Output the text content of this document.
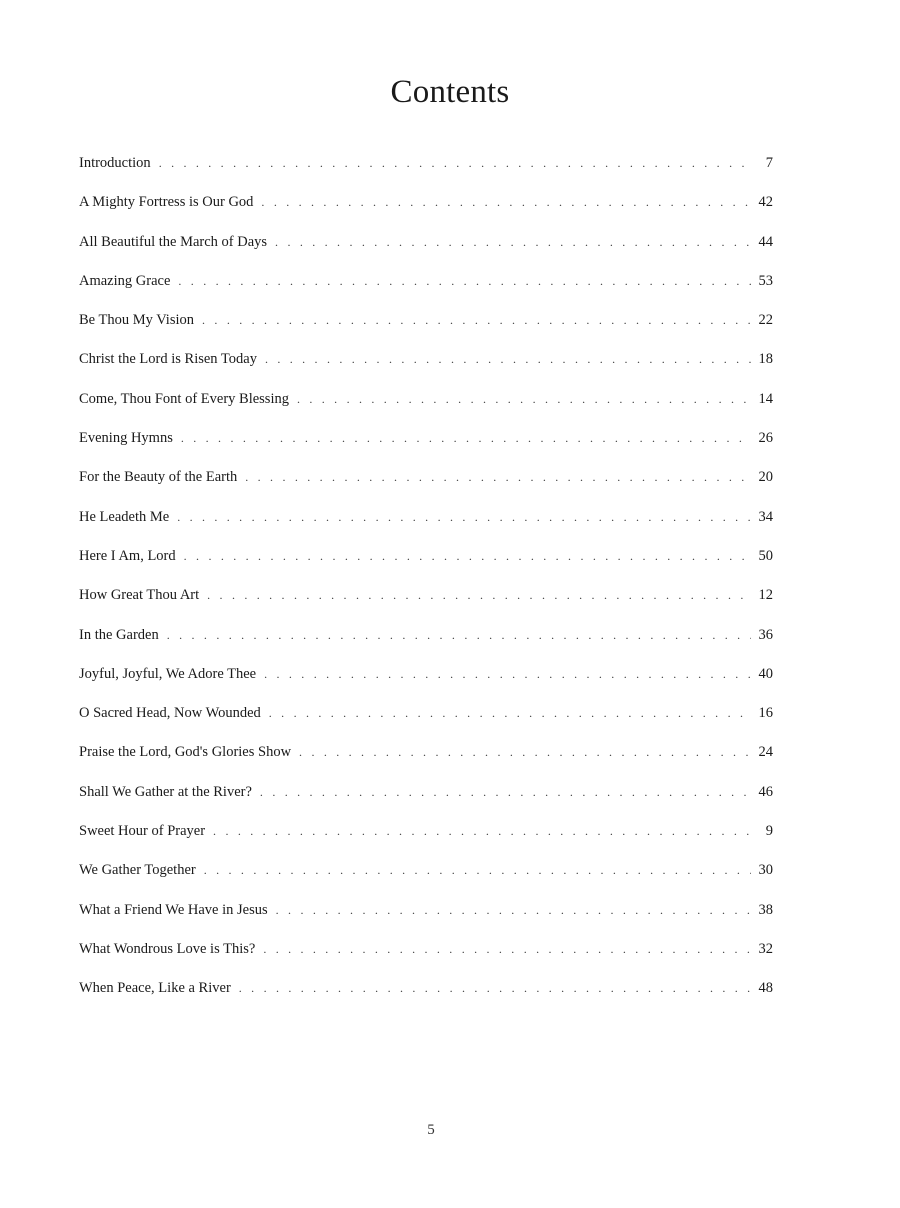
Contents
Introduction . . .	7
A Mighty Fortress is Our God . . .	42
All Beautiful the March of Days . . .	44
Amazing Grace . . .	53
Be Thou My Vision . . .	22
Christ the Lord is Risen Today . . .	18
Come, Thou Font of Every Blessing . . .	14
Evening Hymns . . .	26
For the Beauty of the Earth . . .	20
He Leadeth Me . . .	34
Here I Am, Lord . . .	50
How Great Thou Art . . .	12
In the Garden . . .	36
Joyful, Joyful, We Adore Thee . . .	40
O Sacred Head, Now Wounded . . .	16
Praise the Lord, God's Glories Show . . .	24
Shall We Gather at the River? . . .	46
Sweet Hour of Prayer . . .	9
We Gather Together . . .	30
What a Friend We Have in Jesus . . .	38
What Wondrous Love is This? . . .	32
When Peace, Like a River . . .	48
5
